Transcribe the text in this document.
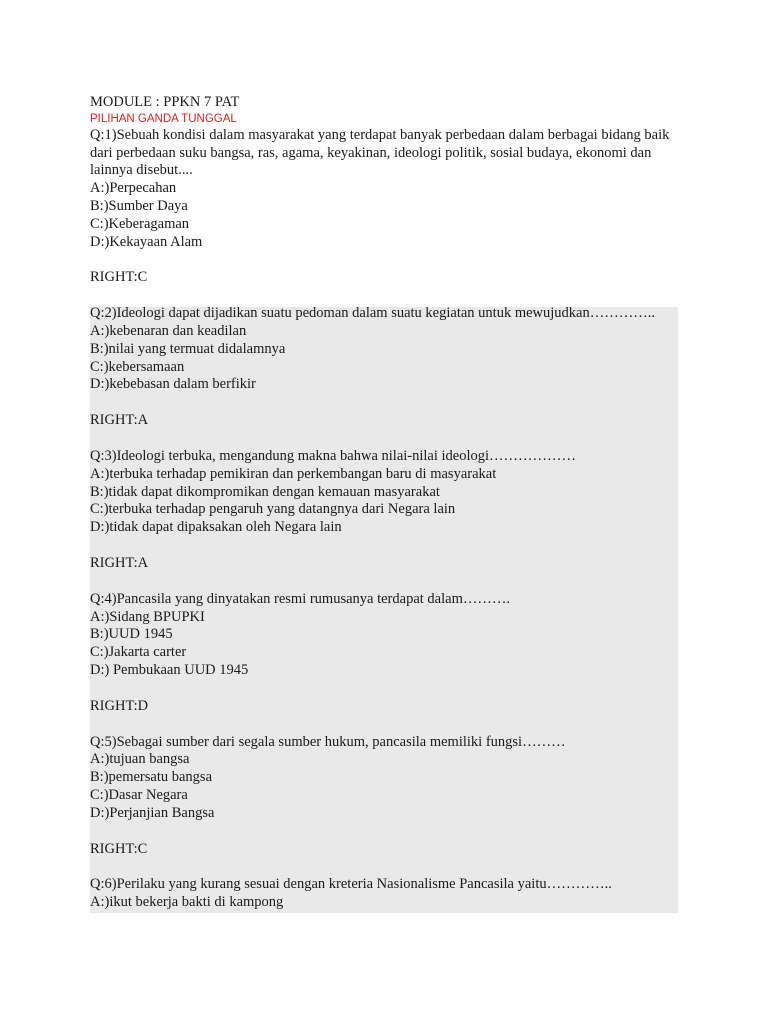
MODULE : PPKN 7 PAT
PILIHAN GANDA TUNGGAL
Q:1)Sebuah kondisi dalam masyarakat yang terdapat banyak perbedaan dalam berbagai bidang baik dari perbedaan suku bangsa, ras, agama, keyakinan, ideologi politik, sosial budaya, ekonomi dan lainnya disebut....
A:)Perpecahan
B:)Sumber Daya
C:)Keberagaman
D:)Kekayaan Alam
RIGHT:C
Q:2)Ideologi dapat dijadikan suatu pedoman dalam suatu kegiatan untuk mewujudkan…………..
A:)kebenaran dan keadilan
B:)nilai yang termuat didalamnya
C:)kebersamaan
D:)kebebasan dalam berfikir
RIGHT:A
Q:3)Ideologi terbuka, mengandung makna bahwa nilai-nilai ideologi………………
A:)terbuka terhadap pemikiran dan perkembangan baru di masyarakat
B:)tidak dapat dikompromikan dengan kemauan masyarakat
C:)terbuka terhadap pengaruh yang datangnya dari Negara lain
D:)tidak dapat dipaksakan oleh Negara lain
RIGHT:A
Q:4)Pancasila yang dinyatakan resmi rumusanya terdapat dalam……….
A:)Sidang BPUPKI
B:)UUD 1945
C:)Jakarta carter
D:) Pembukaan UUD 1945
RIGHT:D
Q:5)Sebagai sumber dari segala sumber hukum, pancasila memiliki fungsi………
A:)tujuan bangsa
B:)pemersatu bangsa
C:)Dasar Negara
D:)Perjanjian Bangsa
RIGHT:C
Q:6)Perilaku yang kurang sesuai dengan kreteria Nasionalisme Pancasila yaitu…………..
A:)ikut bekerja bakti di kampong
